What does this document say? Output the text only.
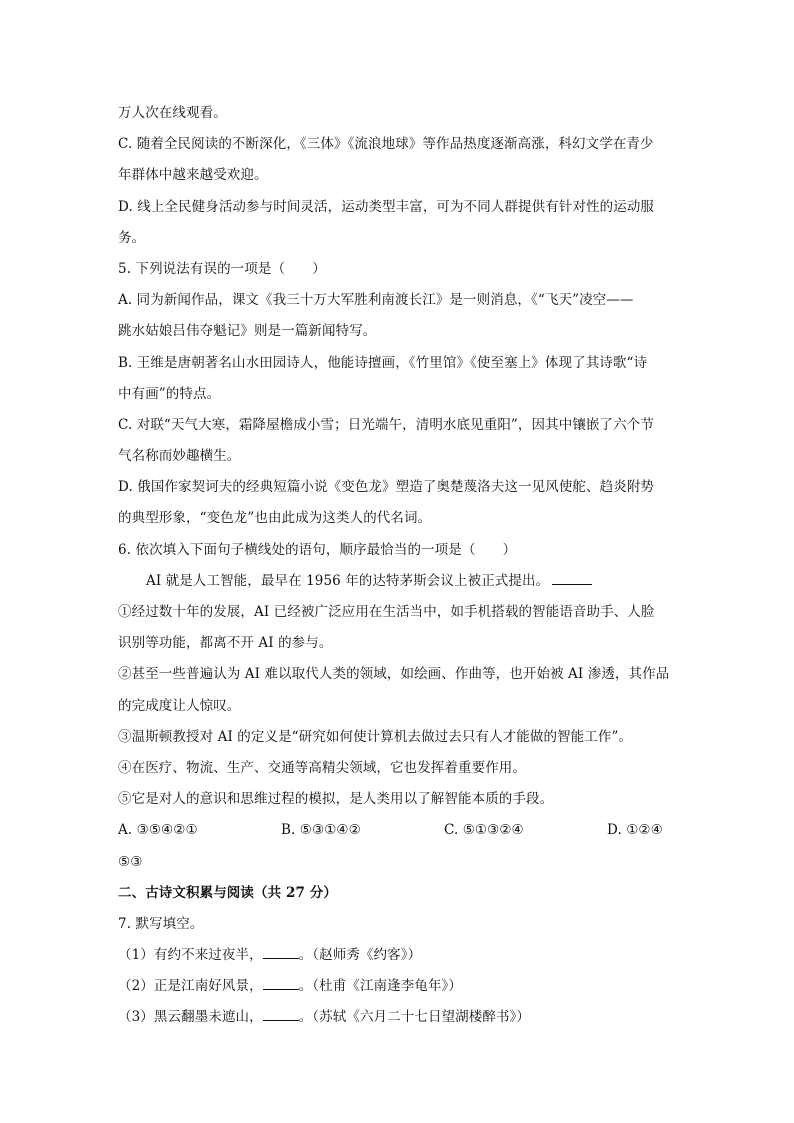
万人次在线观看。
C. 随着全民阅读的不断深化，《三体》《流浪地球》等作品热度逐渐高涨，科幻文学在青少
年群体中越来越受欢迎。
D. 线上全民健身活动参与时间灵活，运动类型丰富，可为不同人群提供有针对性的运动服
务。
5. 下列说法有误的一项是（　　）
A. 同为新闻作品，课文《我三十万大军胜利南渡长江》是一则消息，《“飞天”凌空——
跳水姑娘吕伟夺魁记》则是一篇新闻特写。
B. 王维是唐朝著名山水田园诗人，他能诗擅画，《竹里馆》《使至塞上》体现了其诗歌“诗
中有画”的特点。
C. 对联“天气大寒，霜降屋檐成小雪；日光端午，清明水底见重阳”，因其中镶嵌了六个节
气名称而妙趣横生。
D. 俄国作家契诃夫的经典短篇小说《变色龙》塑造了奥楚蔑洛夫这一见风使舵、趋炎附势
的典型形象，“变色龙”也由此成为这类人的代名词。
6. 依次填入下面句子横线处的语句，顺序最恰当的一项是（　　）
AI 就是人工智能，最早在 1956 年的达特茅斯会议上被正式提出。
①经过数十年的发展，AI 已经被广泛应用在生活当中，如手机搭载的智能语音助手、人脸
识别等功能，都离不开 AI 的参与。
②甚至一些普遍认为 AI 难以取代人类的领域，如绘画、作曲等，也开始被 AI 渗透，其作品
的完成度让人惊叹。
③温斯顿教授对 AI 的定义是“研究如何使计算机去做过去只有人才能做的智能工作”。
④在医疗、物流、生产、交通等高精尖领域，它也发挥着重要作用。
⑤它是对人的意识和思维过程的模拟，是人类用以了解智能本质的手段。
A. ③⑤④②①	B. ⑤③①④②	C. ⑤①③②④	D. ①②④
⑤③
二、古诗文积累与阅读（共 27 分）
7. 默写填空。
（1）有约不来过夜半，	。（赵师秀《约客》）
（2）正是江南好风景，	。（杜甫《江南逢李龟年》）
（3）黑云翻墨未遮山，	。（苏轼《六月二十七日望湖楼醉书》）
